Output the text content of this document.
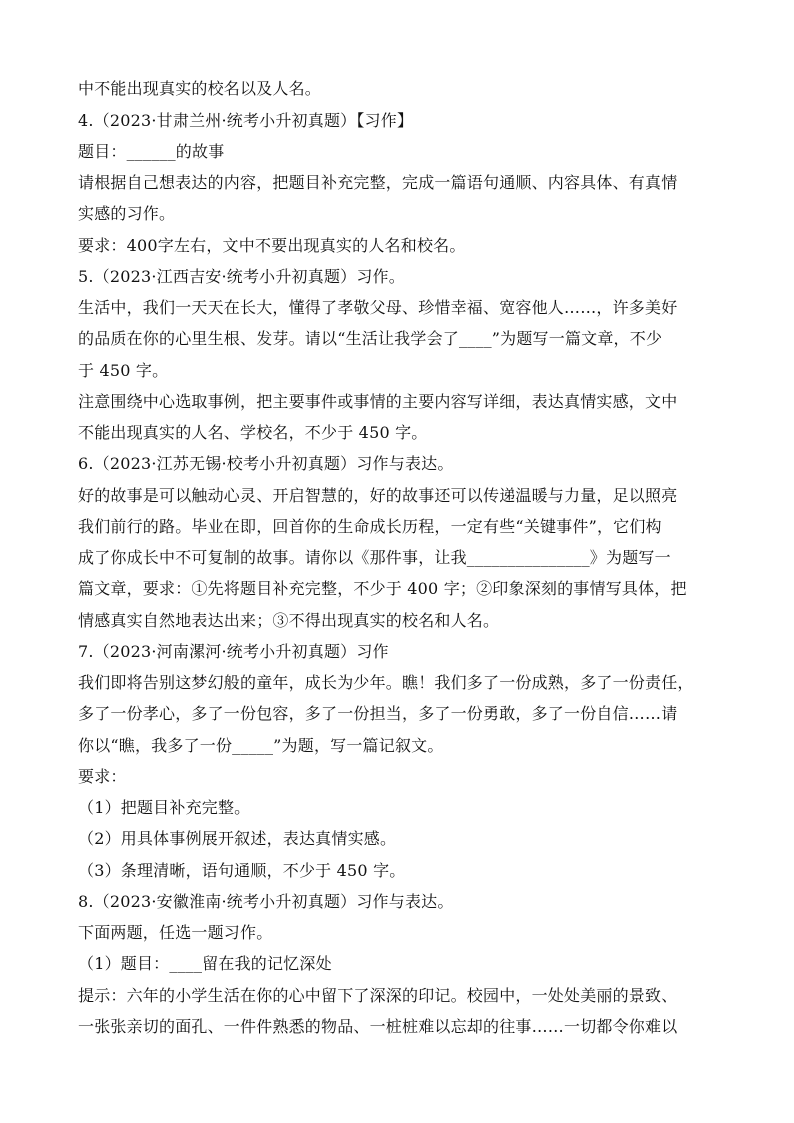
中不能出现真实的校名以及人名。
4.（2023·甘肃兰州·统考小升初真题）【习作】
题目：______的故事
请根据自己想表达的内容，把题目补充完整，完成一篇语句通顺、内容具体、有真情
实感的习作。
要求：400字左右，文中不要出现真实的人名和校名。
5.（2023·江西吉安·统考小升初真题）习作。
生活中，我们一天天在长大，懂得了孝敬父母、珍惜幸福、宽容他人……，许多美好
的品质在你的心里生根、发芽。请以“生活让我学会了____”为题写一篇文章，不少
于 450 字。
注意围绕中心选取事例，把主要事件或事情的主要内容写详细，表达真情实感，文中
不能出现真实的人名、学校名，不少于 450 字。
6.（2023·江苏无锡·校考小升初真题）习作与表达。
好的故事是可以触动心灵、开启智慧的，好的故事还可以传递温暖与力量，足以照亮
我们前行的路。毕业在即，回首你的生命成长历程，一定有些“关键事件”，它们构
成了你成长中不可复制的故事。请你以《那件事，让我_______________》为题写一
篇文章，要求：①先将题目补充完整，不少于 400 字；②印象深刻的事情写具体，把
情感真实自然地表达出来；③不得出现真实的校名和人名。
7.（2023·河南漯河·统考小升初真题）习作
我们即将告别这梦幻般的童年，成长为少年。瞧！我们多了一份成熟，多了一份责任，
多了一份孝心，多了一份包容，多了一份担当，多了一份勇敢，多了一份自信……请
你以“瞧，我多了一份_____”为题，写一篇记叙文。
要求：
（1）把题目补充完整。
（2）用具体事例展开叙述，表达真情实感。
（3）条理清晰，语句通顺，不少于 450 字。
8.（2023·安徽淮南·统考小升初真题）习作与表达。
下面两题，任选一题习作。
（1）题目：____留在我的记忆深处
提示：六年的小学生活在你的心中留下了深深的印记。校园中，一处处美丽的景致、
一张张亲切的面孔、一件件熟悉的物品、一桩桩难以忘却的往事……一切都令你难以
